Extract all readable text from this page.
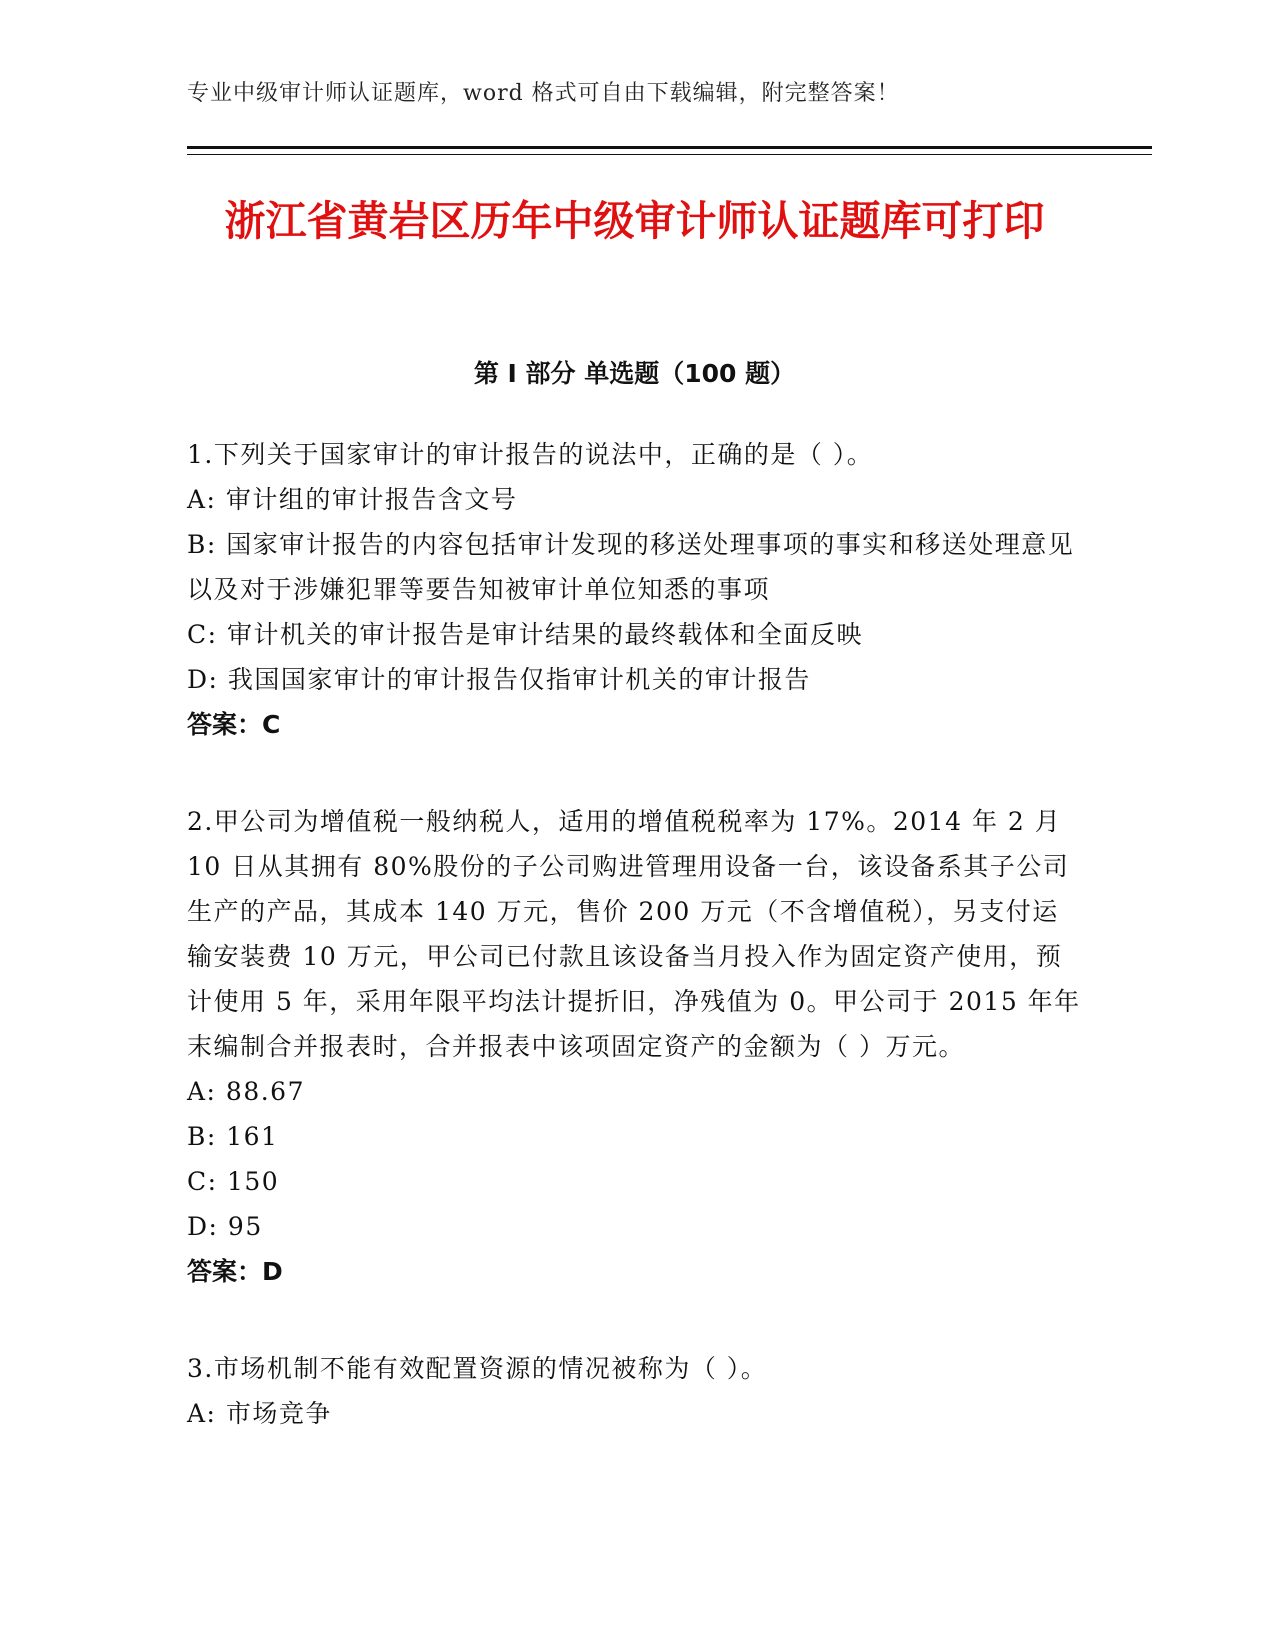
专业中级审计师认证题库，word 格式可自由下载编辑，附完整答案！
浙江省黄岩区历年中级审计师认证题库可打印
第 I 部分 单选题（100 题）
1.下列关于国家审计的审计报告的说法中，正确的是（ ）。
A: 审计组的审计报告含文号
B: 国家审计报告的内容包括审计发现的移送处理事项的事实和移送处理意见以及对于涉嫌犯罪等要告知被审计单位知悉的事项
C: 审计机关的审计报告是审计结果的最终载体和全面反映
D: 我国国家审计的审计报告仅指审计机关的审计报告
答案：C
2.甲公司为增值税一般纳税人，适用的增值税税率为 17%。2014 年 2 月 10 日从其拥有 80%股份的子公司购进管理用设备一台，该设备系其子公司生产的产品，其成本 140 万元，售价 200 万元（不含增值税），另支付运输安装费 10 万元，甲公司已付款且该设备当月投入作为固定资产使用，预计使用 5 年，采用年限平均法计提折旧，净残值为 0。甲公司于 2015 年年末编制合并报表时，合并报表中该项固定资产的金额为（ ）万元。
A: 88.67
B: 161
C: 150
D: 95
答案：D
3.市场机制不能有效配置资源的情况被称为（ ）。
A: 市场竞争
